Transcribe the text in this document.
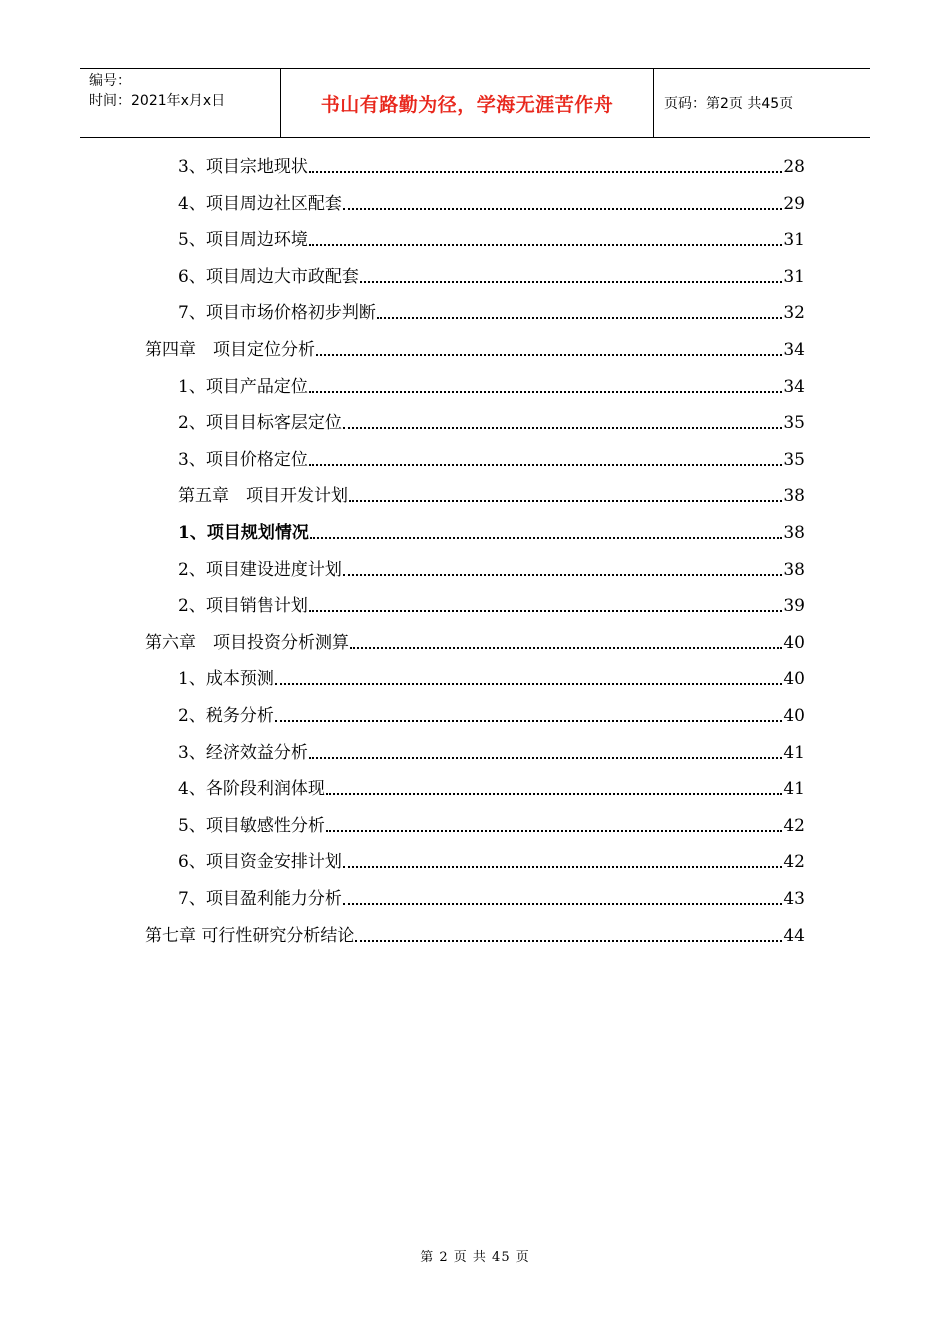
编号：
时间：2021年x月x日	书山有路勤为径，学海无涯苦作舟	页码：第2页 共45页
3、项目宗地现状	28
4、项目周边社区配套	29
5、项目周边环境	31
6、项目周边大市政配套	31
7、项目市场价格初步判断	32
第四章　项目定位分析	34
1、项目产品定位	34
2、项目目标客层定位	35
3、项目价格定位	35
第五章　项目开发计划	38
1、项目规划情况	38
2、项目建设进度计划	38
2、项目销售计划	39
第六章　项目投资分析测算	40
1、成本预测	40
2、税务分析	40
3、经济效益分析	41
4、各阶段利润体现	41
5、项目敏感性分析	42
6、项目资金安排计划	42
7、项目盈利能力分析	43
第七章 可行性研究分析结论	44
第 2 页 共 45 页
